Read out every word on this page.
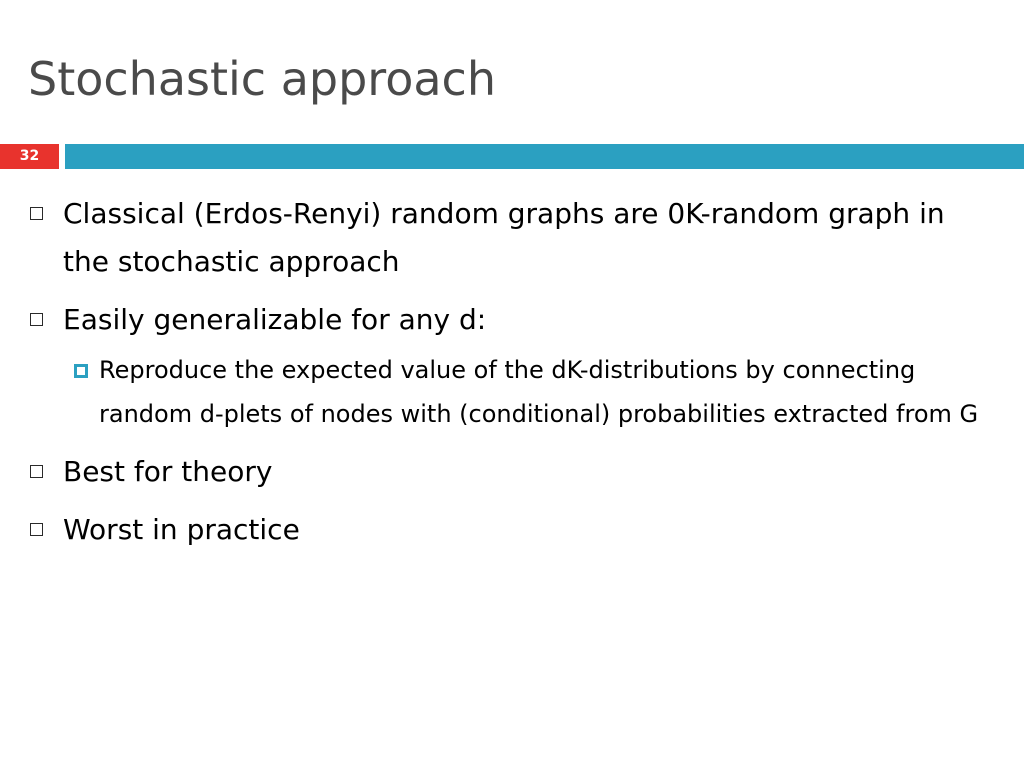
Stochastic approach
32
Classical (Erdos-Renyi) random graphs are 0K-random graph in the stochastic approach
Easily generalizable for any d:
Reproduce the expected value of the dK-distributions by connecting random d-plets of nodes with (conditional) probabilities extracted from G
Best for theory
Worst in practice
